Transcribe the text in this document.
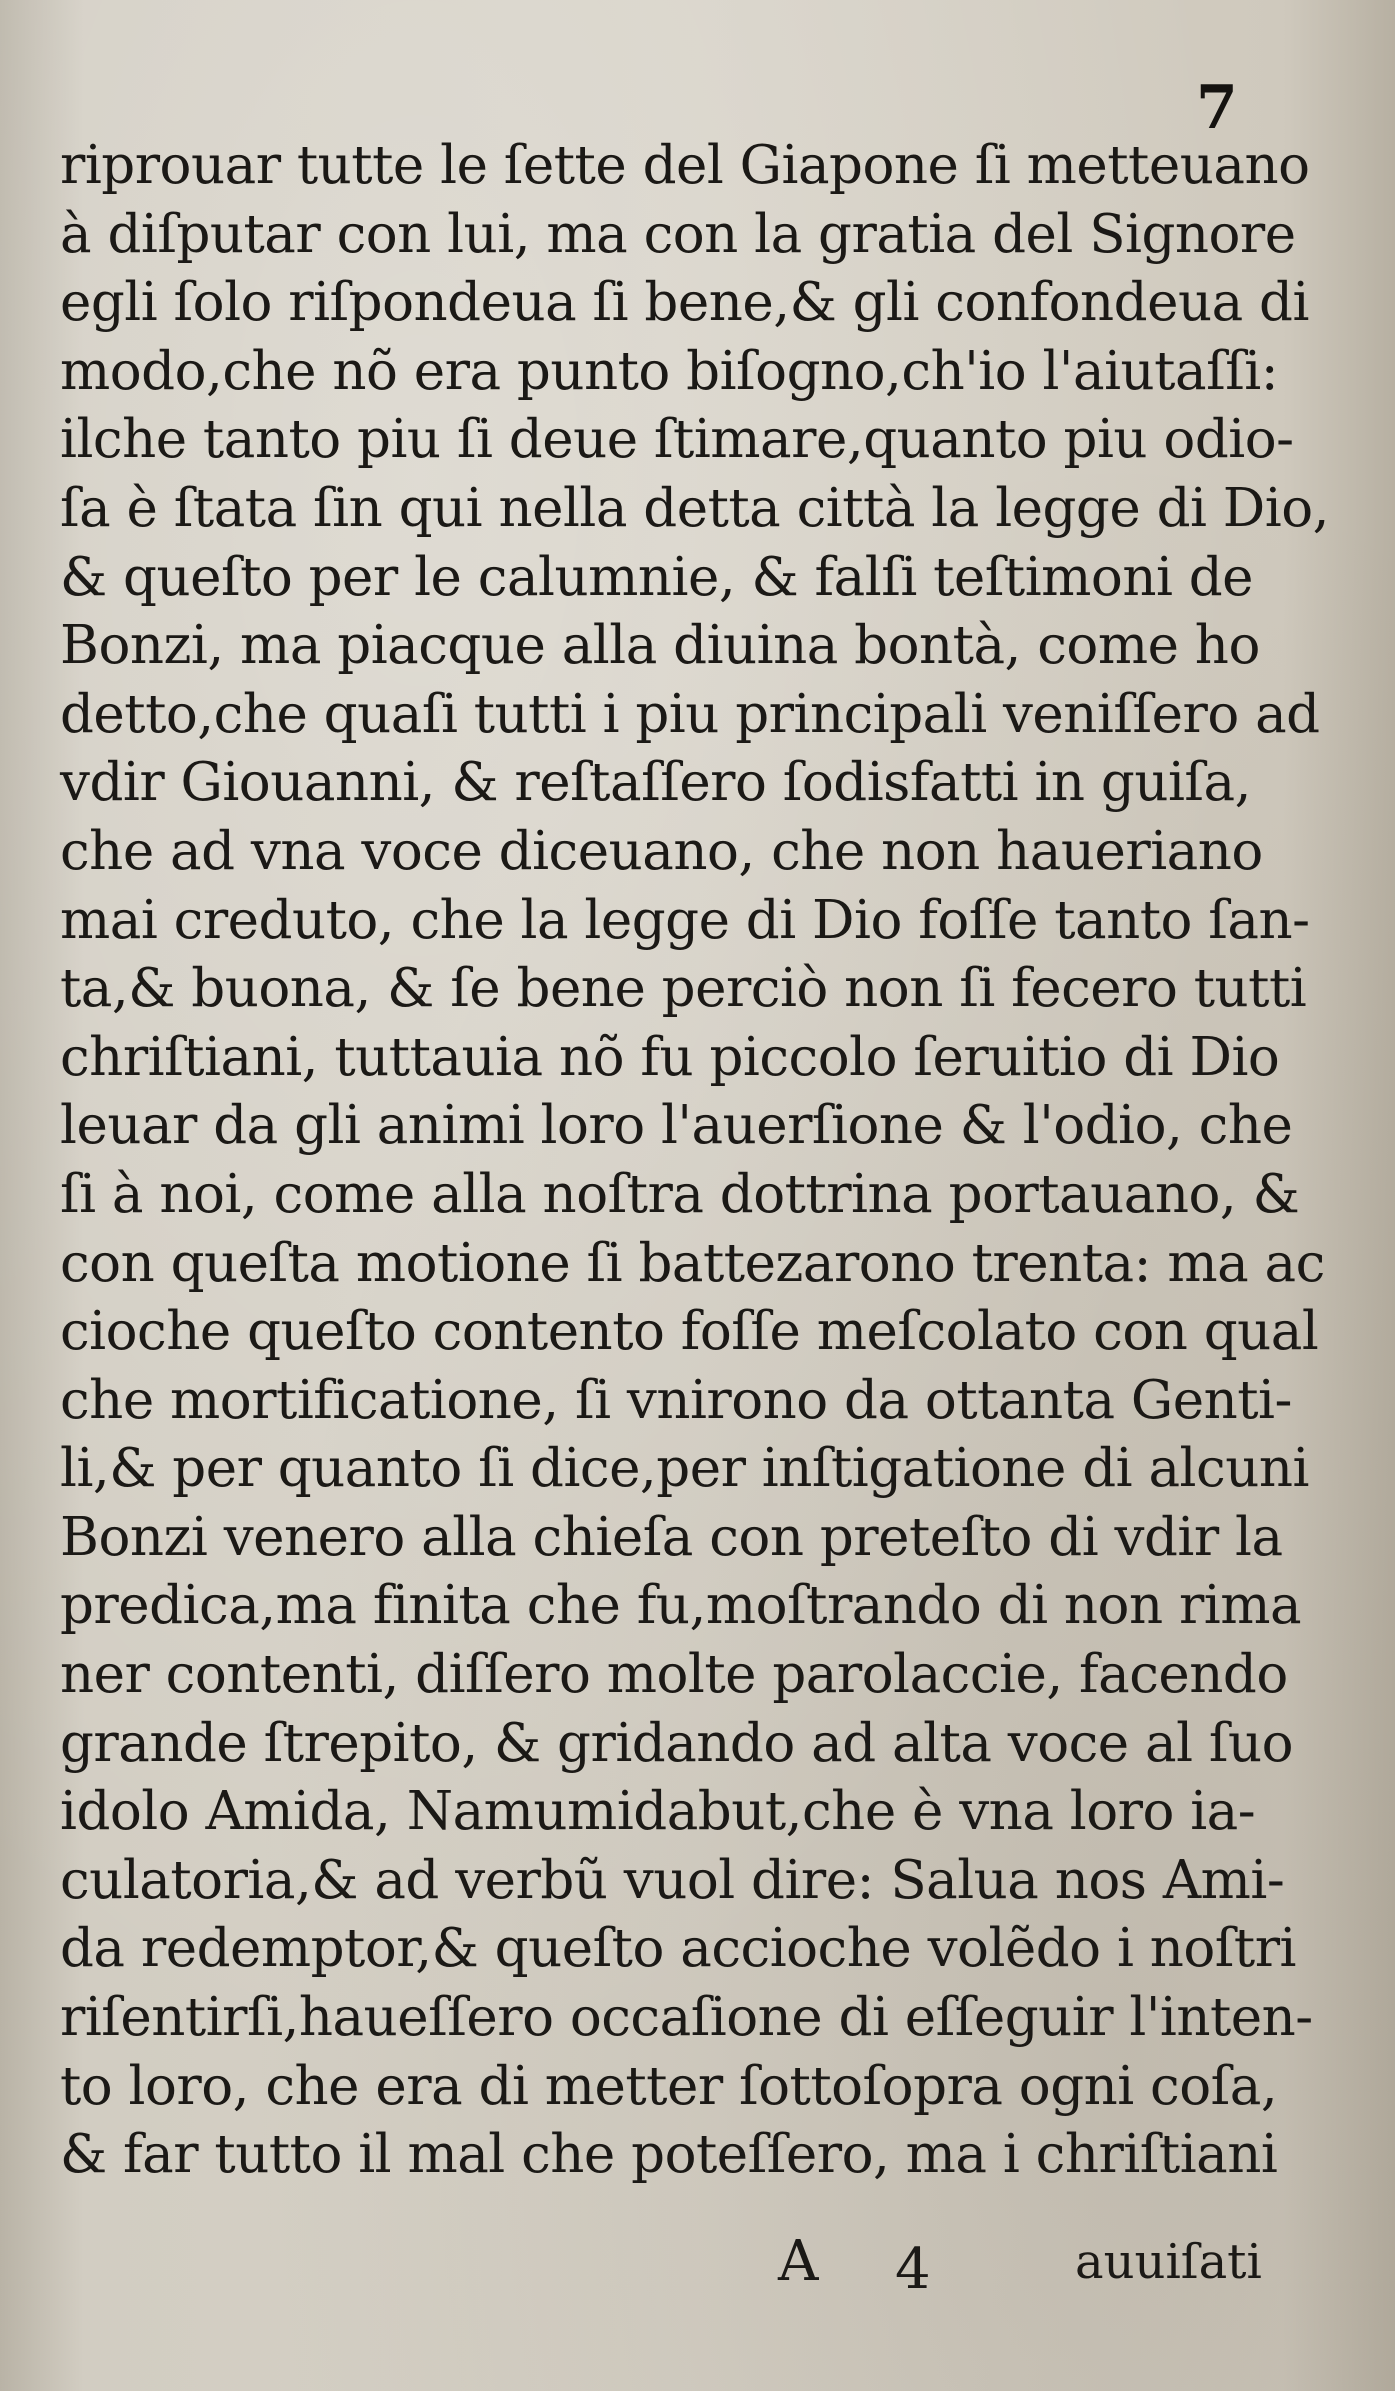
7
riprouar tutte le ſette del Giapone ſi metteuano
à diſputar con lui, ma con la gratia del Signore
egli ſolo riſpondeua ſi bene,& gli confondeua di
modo,che nõ era punto biſogno,ch'io l'aiutaſſi:
ilche tanto piu ſi deue ſtimare,quanto piu odio-
ſa è ſtata ſin qui nella detta città la legge di Dio,
& queſto per le calumnie, & falſi teſtimoni de
Bonzi, ma piacque alla diuina bontà, come ho
detto,che quaſi tutti i piu principali veniſſero ad
vdir Giouanni, & reſtaſſero ſodisfatti in guiſa,
che ad vna voce diceuano, che non haueriano
mai creduto, che la legge di Dio foſſe tanto ſan-
ta,& buona, & ſe bene perciò non ſi fecero tutti
chriſtiani, tuttauia nõ fu piccolo ſeruitio di Dio
leuar da gli animi loro l'auerſione & l'odio, che
ſi à noi, come alla noſtra dottrina portauano, &
con queſta motione ſi battezarono trenta: ma ac
cioche queſto contento foſſe meſcolato con qual
che mortificatione, ſi vnirono da ottanta Genti-
li,& per quanto ſi dice,per inſtigatione di alcuni
Bonzi venero alla chieſa con preteſto di vdir la
predica,ma finita che fu,moſtrando di non rima
ner contenti, diſſero molte parolaccie, facendo
grande ſtrepito, & gridando ad alta voce al ſuo
idolo Amida, Namumidabut,che è vna loro ia-
culatoria,& ad verbũ vuol dire: Salua nos Ami-
da redemptor,& queſto accioche volẽdo i noſtri
riſentirſi,haueſſero occaſione di eſſeguir l'inten-
to loro, che era di metter ſottoſopra ogni coſa,
& far tutto il mal che poteſſero, ma i chriſtiani
A 4	auuiſati
